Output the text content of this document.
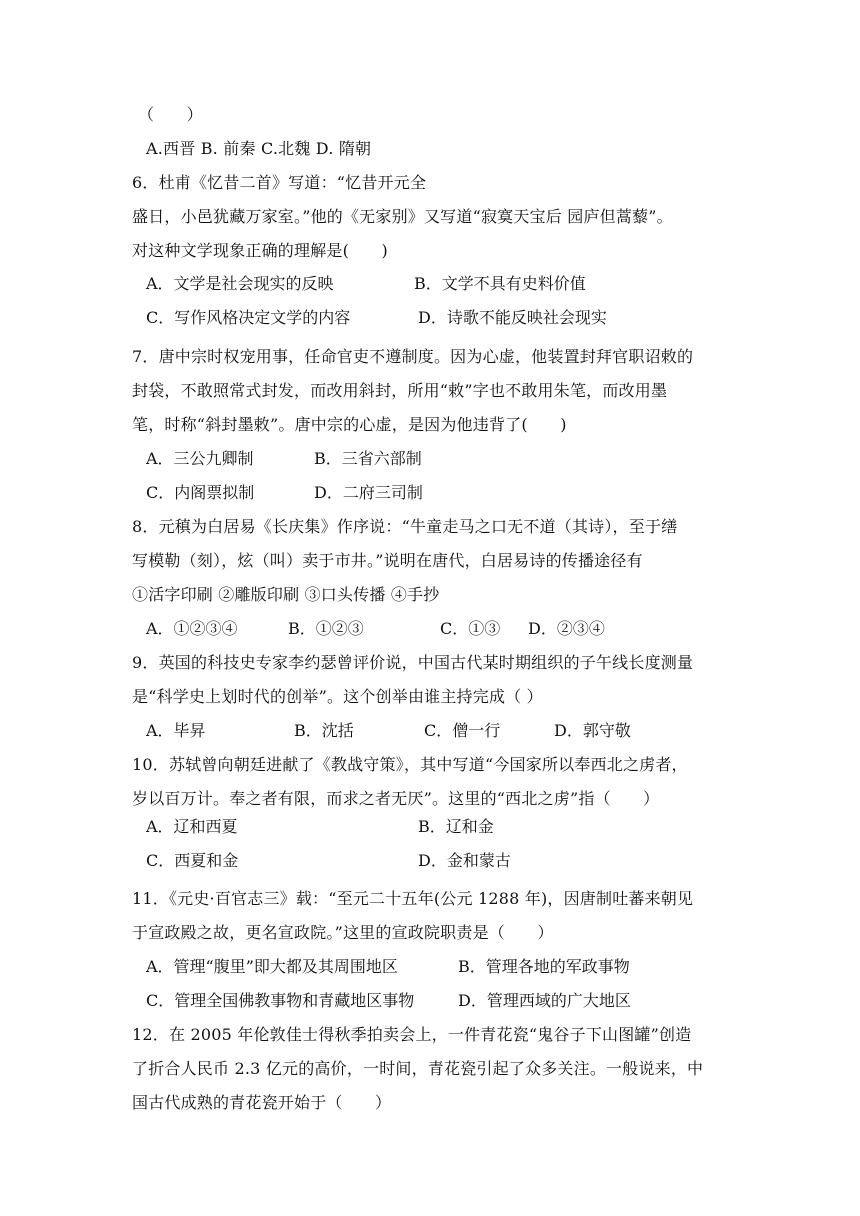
（　　）
A.西晋 B. 前秦 C.北魏 D. 隋朝
6．杜甫《忆昔二首》写道：“忆昔开元全
盛日，小邑犹藏万家室。”他的《无家别》又写道“寂寞天宝后 园庐但蒿藜”。
对这种文学现象正确的理解是(　　)
A．文学是社会现实的反映	B．文学不具有史料价值
C．写作风格决定文学的内容	D．诗歌不能反映社会现实
7．唐中宗时权宠用事，任命官吏不遵制度。因为心虚，他装置封拜官职诏敕的
封袋，不敢照常式封发，而改用斜封，所用“敕”字也不敢用朱笔，而改用墨
笔，时称“斜封墨敕”。唐中宗的心虚，是因为他违背了(　　)
A．三公九卿制	B．三省六部制
C．内阁票拟制	D．二府三司制
8．元稹为白居易《长庆集》作序说：“牛童走马之口无不道（其诗），至于缮
写模勒（刻），炫（叫）卖于市井。”说明在唐代，白居易诗的传播途径有
①活字印刷 ②雕版印刷 ③口头传播 ④手抄
A．①②③④	B．①②③	C．①③ D．②③④
9．英国的科技史专家李约瑟曾评价说，中国古代某时期组织的子午线长度测量
是“科学史上划时代的创举”。这个创举由谁主持完成（ ）
A．毕昇	B．沈括	C．僧一行	D．郭守敬
10．苏轼曾向朝廷进献了《教战守策》，其中写道“今国家所以奉西北之虏者，
岁以百万计。奉之者有限，而求之者无厌”。这里的“西北之虏”指（　　）
A．辽和西夏	B．辽和金
C．西夏和金	D．金和蒙古
11．《元史·百官志三》载：“至元二十五年(公元 1288 年)，因唐制吐蕃来朝见
于宣政殿之故，更名宣政院。”这里的宣政院职责是（　　）
A．管理“腹里”即大都及其周围地区	B．管理各地的军政事物
C．管理全国佛教事物和青藏地区事物	D．管理西域的广大地区
12．在 2005 年伦敦佳士得秋季拍卖会上，一件青花瓷“鬼谷子下山图罐”创造
了折合人民币 2.3 亿元的高价，一时间，青花瓷引起了众多关注。一般说来，中
国古代成熟的青花瓷开始于（　　）
